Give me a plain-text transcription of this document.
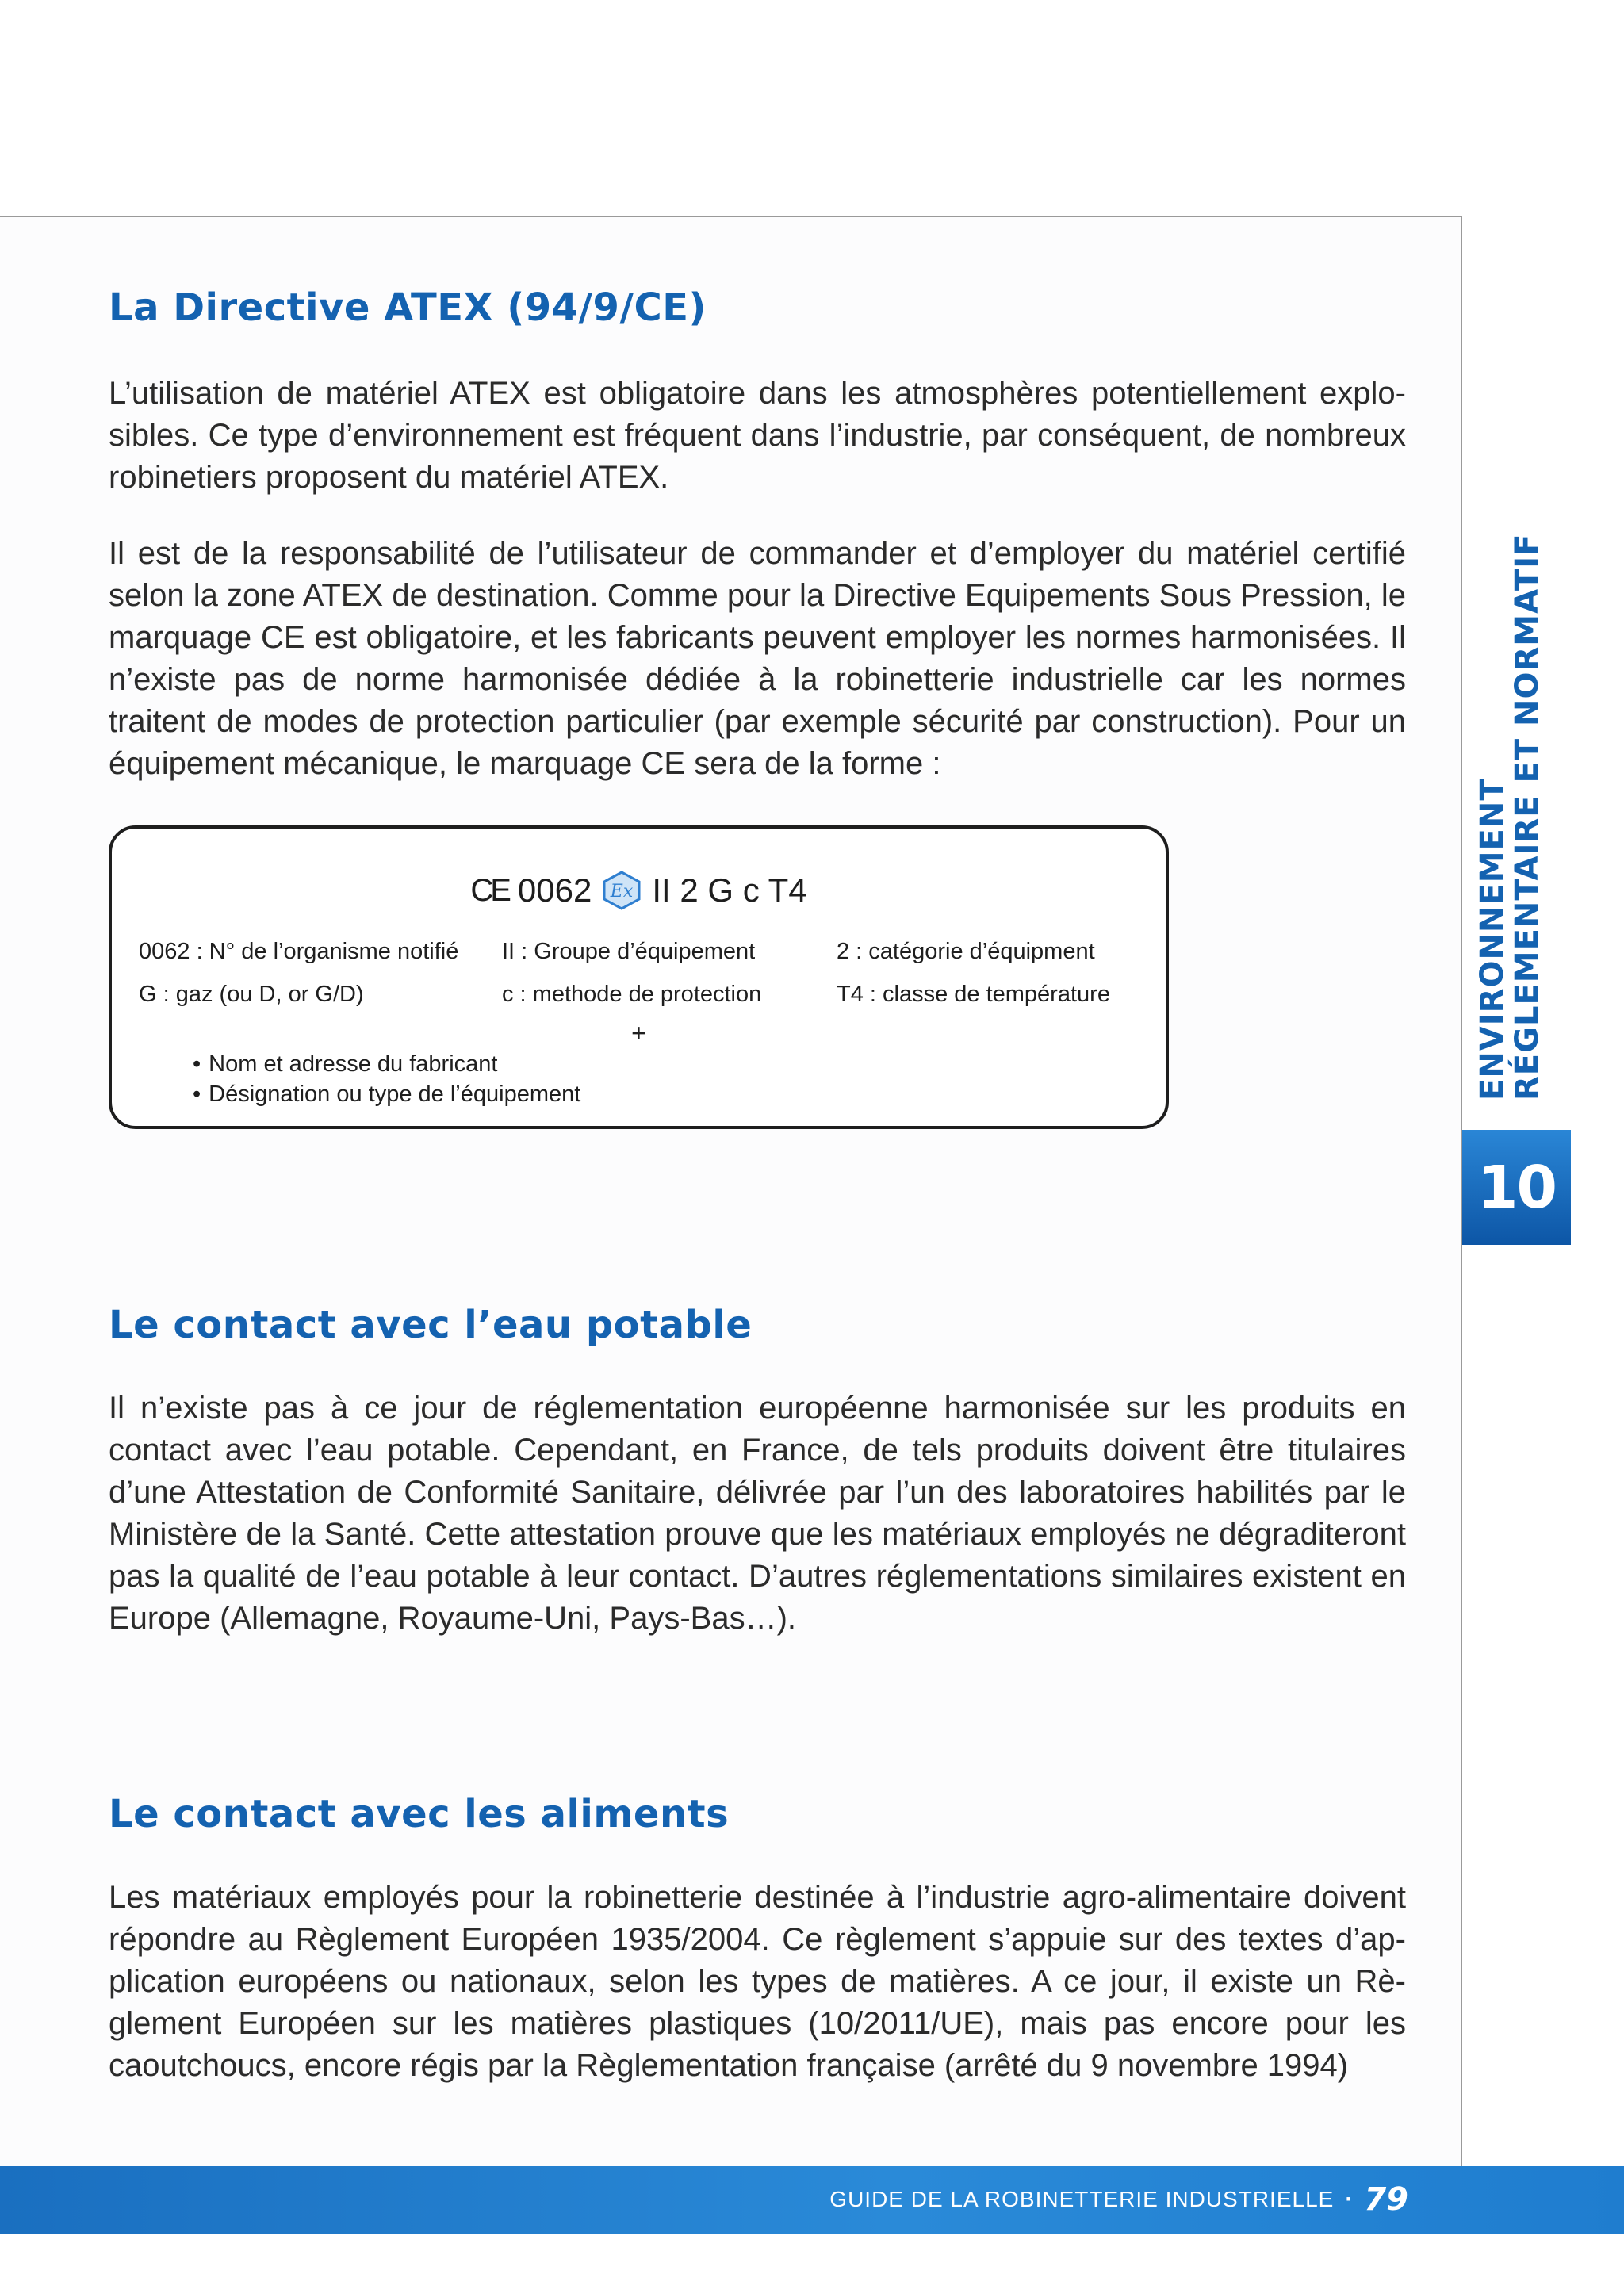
La Directive ATEX (94/9/CE)

L’utilisation de matériel ATEX est obligatoire dans les atmosphères potentiellement explosibles. Ce type d’environnement est fréquent dans l’industrie, par conséquent, de nombreux robinetiers proposent du matériel ATEX.

Il est de la responsabilité de l’utilisateur de commander et d’employer du matériel certifié selon la zone ATEX de destination. Comme pour la Directive Equipements Sous Pression, le marquage CE est obligatoire, et les fabricants peuvent employer les normes harmonisées. Il n’existe pas de norme harmonisée dédiée à la robinetterie industrielle car les normes traitent de modes de protection particulier (par exemple sécurité par construction). Pour un équipement mécanique, le marquage CE sera de la forme :

CE 0062 Ex II 2 G c T4
0062 : N° de l’organisme notifié	II : Groupe d’équipement	2 : catégorie d’équipment
G : gaz (ou D, or G/D)	c : methode de protection	T4 : classe de température
+
• Nom et adresse du fabricant
• Désignation ou type de l’équipement
Le contact avec l’eau potable

Il n’existe pas à ce jour de réglementation européenne harmonisée sur les produits en contact avec l’eau potable. Cependant, en France, de tels produits doivent être titulaires d’une Attestation de Conformité Sanitaire, délivrée par l’un des laboratoires habilités par le Ministère de la Santé. Cette attestation prouve que les matériaux employés ne dégraditeront pas la qualité de l’eau potable à leur contact. D’autres réglementations similaires existent en Europe (Allemagne, Royaume-Uni, Pays-Bas…).

Le contact avec les aliments

Les matériaux employés pour la robinetterie destinée à l’industrie agro-alimentaire doivent répondre au Règlement Européen 1935/2004. Ce règlement s’appuie sur des textes d’application européens ou nationaux, selon les types de matières. A ce jour, il existe un Règlement Européen sur les matières plastiques (10/2011/UE), mais pas encore pour les caoutchoucs, encore régis par la Règlementation française (arrêté du 9 novembre 1994)

ENVIRONNEMENT
RÉGLEMENTAIRE ET NORMATIF
10
GUIDE DE LA ROBINETTERIE INDUSTRIELLE · 79
